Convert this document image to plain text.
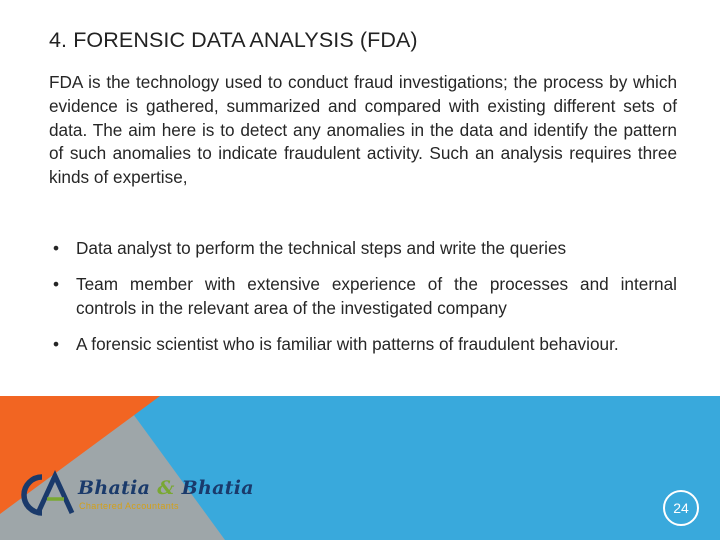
4. FORENSIC DATA ANALYSIS (FDA)

FDA is the technology used to conduct fraud investigations; the process by which evidence is gathered, summarized and compared with existing different sets of data. The aim here is to detect any anomalies in the data and identify the pattern of such anomalies to indicate fraudulent activity. Such an analysis requires three kinds of expertise,

• Data analyst to perform the technical steps and write the queries
• Team member with extensive experience of the processes and internal controls in the relevant area of the investigated company
• A forensic scientist who is familiar with patterns of fraudulent behaviour.
Bhatia & Bhatia
Chartered Accountants	24
